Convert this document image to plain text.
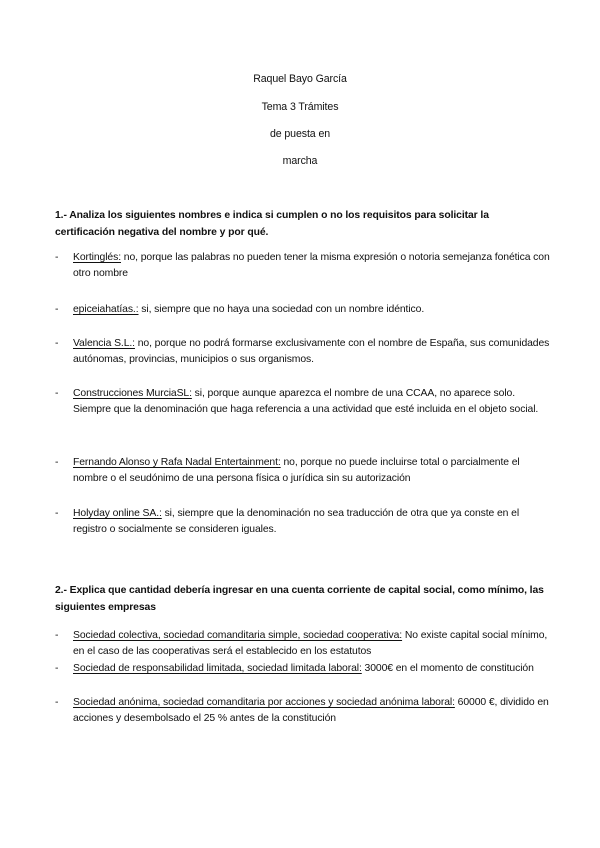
Raquel Bayo García
Tema 3 Trámites
de puesta en
marcha
1.- Analiza los siguientes nombres e indica si cumplen o no los requisitos para solicitar la certificación negativa del nombre y por qué.
-	Kortinglés: no, porque las palabras no pueden tener la misma expresión o notoria semejanza fonética con otro nombre
-	epiceiahatías.: si, siempre que no haya una sociedad con un nombre idéntico.
-	Valencia S.L.: no, porque no podrá formarse exclusivamente con el nombre de España, sus comunidades autónomas, provincias, municipios o sus organismos.
-	Construcciones MurciaSL: si, porque aunque aparezca el nombre de una CCAA, no aparece solo. Siempre que la denominación que haga referencia a una actividad que esté incluida en el objeto social.
-	Fernando Alonso y Rafa Nadal Entertainment: no, porque no puede incluirse total o parcialmente el nombre o el seudónimo de una persona física o jurídica sin su autorización
-	Holyday online SA.: si, siempre que la denominación no sea traducción de otra que ya conste en el registro o socialmente se consideren iguales.
2.- Explica que cantidad debería ingresar en una cuenta corriente de capital social, como mínimo, las siguientes empresas
-	Sociedad colectiva, sociedad comanditaria simple, sociedad cooperativa: No existe capital social mínimo, en el caso de las cooperativas será el establecido en los estatutos
-	Sociedad de responsabilidad limitada, sociedad limitada laboral: 3000€ en el momento de constitución
-	Sociedad anónima, sociedad comanditaria por acciones y sociedad anónima laboral: 60000 €, dividido en acciones y desembolsado el 25 % antes de la constitución
